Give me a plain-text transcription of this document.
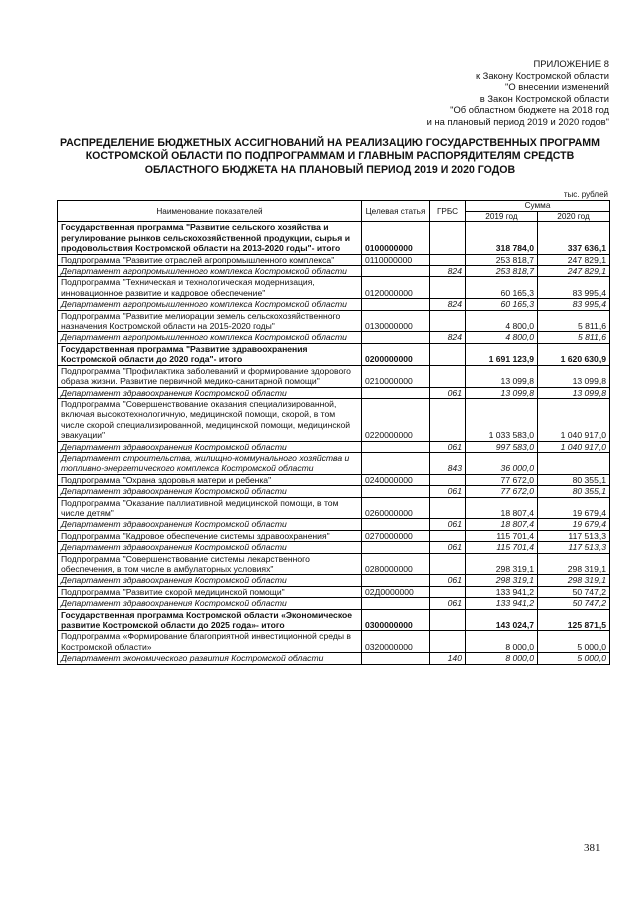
ПРИЛОЖЕНИЕ 8
к Закону Костромской области
"О внесении изменений
в Закон Костромской области
"Об областном бюджете на 2018 год
и на плановый период 2019 и 2020 годов"
РАСПРЕДЕЛЕНИЕ БЮДЖЕТНЫХ АССИГНОВАНИЙ НА РЕАЛИЗАЦИЮ ГОСУДАРСТВЕННЫХ ПРОГРАММ КОСТРОМСКОЙ ОБЛАСТИ ПО ПОДПРОГРАММАМ И ГЛАВНЫМ РАСПОРЯДИТЕЛЯМ СРЕДСТВ ОБЛАСТНОГО БЮДЖЕТА НА ПЛАНОВЫЙ ПЕРИОД 2019 И 2020 ГОДОВ
тыс. рублей
Наименование показателей	Целевая статья	ГРБС	Сумма	
			2019 год	2020 год
Государственная программа "Развитие сельского хозяйства и регулирование рынков сельскохозяйственной продукции, сырья и продовольствия Костромской области на 2013-2020 годы"- итого	0100000000		318 784,0	337 636,1
Подпрограмма "Развитие отраслей агропромышленного комплекса"	0110000000		253 818,7	247 829,1
Департамент агропромышленного комплекса Костромской области		824	253 818,7	247 829,1
Подпрограмма "Техническая и технологическая модернизация, инновационное развитие и кадровое обеспечение"	0120000000		60 165,3	83 995,4
Департамент агропромышленного комплекса Костромской области		824	60 165,3	83 995,4
Подпрограмма "Развитие мелиорации земель сельскохозяйственного назначения Костромской области на 2015-2020 годы"	0130000000		4 800,0	5 811,6
Департамент агропромышленного комплекса Костромской области		824	4 800,0	5 811,6
Государственная программа "Развитие здравоохранения Костромской области до 2020 года"- итого	0200000000		1 691 123,9	1 620 630,9
Подпрограмма "Профилактика заболеваний и формирование здорового образа жизни. Развитие первичной медико-санитарной помощи"	0210000000		13 099,8	13 099,8
Департамент здравоохранения Костромской области		061	13 099,8	13 099,8
Подпрограмма "Совершенствование оказания специализированной, включая высокотехнологичную, медицинской помощи, скорой, в том числе скорой специализированной, медицинской помощи, медицинской эвакуации"	0220000000		1 033 583,0	1 040 917,0
Департамент здравоохранения Костромской области		061	997 583,0	1 040 917,0
Департамент строительства, жилищно-коммунального хозяйства и топливно-энергетического комплекса Костромской области		843	36 000,0	
Подпрограмма "Охрана здоровья матери и ребенка"	0240000000		77 672,0	80 355,1
Департамент здравоохранения Костромской области		061	77 672,0	80 355,1
Подпрограмма "Оказание паллиативной медицинской помощи, в том числе детям"	0260000000		18 807,4	19 679,4
Департамент здравоохранения Костромской области		061	18 807,4	19 679,4
Подпрограмма "Кадровое обеспечение системы здравоохранения"	0270000000		115 701,4	117 513,3
Департамент здравоохранения Костромской области		061	115 701,4	117 513,3
Подпрограмма "Совершенствование системы лекарственного обеспечения, в том числе в амбулаторных условиях"	0280000000		298 319,1	298 319,1
Департамент здравоохранения Костромской области		061	298 319,1	298 319,1
Подпрограмма "Развитие скорой медицинской помощи"	02Д0000000		133 941,2	50 747,2
Департамент здравоохранения Костромской области		061	133 941,2	50 747,2
Государственная программа Костромской области «Экономическое развитие Костромской области до 2025 года»- итого	0300000000		143 024,7	125 871,5
Подпрограмма «Формирование благоприятной инвестиционной среды в Костромской области»	0320000000		8 000,0	5 000,0
Департамент экономического развития Костромской области		140	8 000,0	5 000,0
381
